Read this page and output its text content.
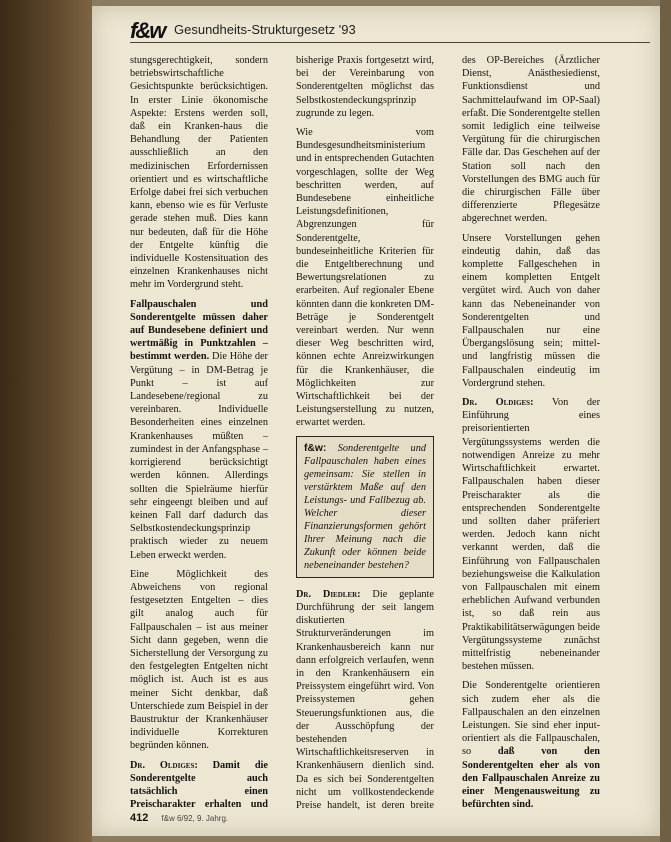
f&w Gesundheits-Strukturgesetz '93

stungsgerechtigkeit, sondern betriebswirtschaftliche Gesichtspunkte berücksichtigen. In erster Linie ökonomische Aspekte: Erstens werden soll, daß ein Kranken-haus die Behandlung der Patienten ausschließlich an den medizinischen Erfordernissen orientiert und es wirtschaftliche Erfolge dabei frei sich verbuchen kann, ebenso wie es für Verluste gerade stehen muß. Dies kann nur bedeuten, daß für die Höhe der Entgelte künftig die individuelle Kostensituation des einzelnen Krankenhauses nicht mehr im Vordergrund steht.

Fallpauschalen und Sonderentgelte müssen daher auf Bundesebene definiert und wertmäßig in Punktzahlen – bestimmt werden. Die Höhe der Vergütung – in DM-Betrag je Punkt – ist auf Landesebene/regional zu vereinbaren. Individuelle Besonderheiten eines einzelnen Krankenhauses müßten – zumindest in der Anfangsphase – korrigierend berücksichtigt werden können. Allerdings sollten die Spielräume hierfür sehr eingeengt bleiben und auf keinen Fall darf dadurch das Selbstkostendeckungsprinzip praktisch wieder zu neuem Leben erweckt werden.

Eine Möglichkeit des Abweichens von regional festgesetzten Entgelten – dies gilt analog auch für Fallpauschalen – ist aus meiner Sicht dann gegeben, wenn die Sicherstellung der Versorgung zu den festgelegten Entgelten nicht möglich ist. Auch ist es aus meiner Sicht denkbar, daß Unterschiede zum Beispiel in der Baustruktur der Krankenhäuser individuelle Korrekturen begründen können.

Dr. Oldiges: Damit die Sonderentgelte auch tatsächlich einen Preischarakter erhalten und

bisherige Praxis fortgesetzt wird, bei der Vereinbarung von Sonderentgelten möglichst das Selbstkostendeckungsprinzip zugrunde zu legen.

Wie vom Bundesgesundheitsministerium und in entsprechenden Gutachten vorgeschlagen, sollte der Weg beschritten werden, auf Bundesebene einheitliche Leistungsdefinitionen, Abgrenzungen für Sonderentgelte, bundeseinheitliche Kriterien für die Entgeltberechnung und Bewertungsrelationen zu erarbeiten. Auf regionaler Ebene könnten dann die konkreten DM-Beträge je Sonderentgelt vereinbart werden. Nur wenn dieser Weg beschritten wird, können echte Anreizwirkungen für die Krankenhäuser, die Möglichkeiten zur Wirtschaftlichkeit bei der Leistungserstellung zu nutzen, erwartet werden.

f&w: Sonderentgelte und Fallpauschalen haben eines gemeinsam: Sie stellen in verstärktem Maße auf den Leistungs- und Fallbezug ab. Welcher dieser Finanzierungsformen gehört Ihrer Meinung nach die Zukunft oder können beide nebeneinander bestehen?

Dr. Diedler: Die geplante Durchführung der seit langem diskutierten Strukturveränderungen im Krankenhausbereich kann nur dann erfolgreich verlaufen, wenn in den Krankenhäusern ein Preissystem eingeführt wird. Von Preissystemen gehen Steuerungsfunktionen aus, die der Ausschöpfung der bestehenden Wirtschaftlichkeitsreserven in Krankenhäusern dienlich sind. Da es sich bei Sonderentgelten nicht um vollkostendeckende Preise handelt, ist deren breite

des OP-Bereiches (Ärztlicher Dienst, Anästhesiedienst, Funktionsdienst und Sachmittelaufwand im OP-Saal) erfaßt. Die Sonderentgelte stellen somit lediglich eine teilweise Vergütung für die chirurgischen Fälle dar. Das Geschehen auf der Station soll nach den Vorstellungen des BMG auch für die chirurgischen Fälle über differenzierte Pflegesätze abgerechnet werden.

Unsere Vorstellungen gehen eindeutig dahin, daß das komplette Fallgeschehen in einem kompletten Entgelt vergütet wird. Auch von daher kann das Nebeneinander von Sonderentgelten und Fallpauschalen nur eine Übergangslösung sein; mittel- und langfristig müssen die Fallpauschalen eindeutig im Vordergrund stehen.

Dr. Oldiges: Von der Einführung eines preisorientierten Vergütungssystems werden die notwendigen Anreize zu mehr Wirtschaftlichkeit erwartet. Fallpauschalen haben dieser Preischarakter als die entsprechenden Sonderentgelte und sollten daher präferiert werden. Jedoch kann nicht verkannt werden, daß die Einführung von Fallpauschalen beziehungsweise die Kalkulation von Fallpauschalen mit einem erheblichen Aufwand verbunden ist, so daß rein aus Praktikabilitätserwägungen beide Vergütungssysteme zunächst mittelfristig nebeneinander bestehen müssen.

Die Sonderentgelte orientieren sich zudem eher als die Fallpauschalen an den einzelnen Leistungen. Sie sind eher input-orientiert als die Fallpauschalen, so	daß von den Sonderentgelten eher als von den Fallpauschalen Anreize zu einer Mengenausweitung zu befürchten sind.

412 f&w 6/92, 9. Jahrg.
